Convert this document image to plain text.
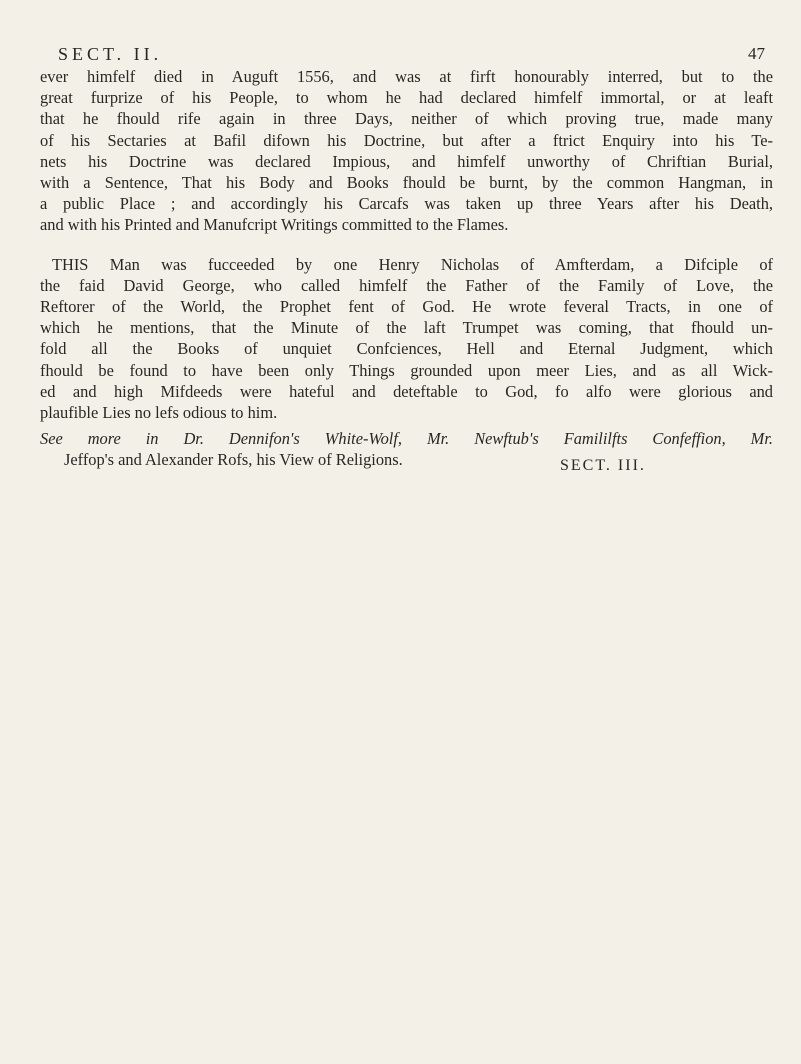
SECT. II.	47
ever himfelf died in Auguft 1556, and was at firft honourably interred, but to the
great furprize of his People, to whom he had declared himfelf immortal, or at leaft
that he fhould rife again in three Days, neither of which proving true, made many
of his Sectaries at Bafil difown his Doctrine, but after a ftrict Enquiry into his Te-
nets his Doctrine was declared Impious, and himfelf unworthy of Chriftian Burial,
with a Sentence, That his Body and Books fhould be burnt, by the common Hangman, in
a public Place ; and accordingly his Carcafs was taken up three Years after his Death,
and with his Printed and Manufcript Writings committed to the Flames.
THIS Man was fucceeded by one Henry Nicholas of Amfterdam, a Difciple of
the faid David George, who called himfelf the Father of the Family of Love, the
Reftorer of the World, the Prophet fent of God. He wrote feveral Tracts, in one of
which he mentions, that the Minute of the laft Trumpet was coming, that fhould un-
fold all the Books of unquiet Confciences, Hell and Eternal Judgment, which
fhould be found to have been only Things grounded upon meer Lies, and as all Wick-
ed and high Mifdeeds were hateful and deteftable to God, fo alfo were glorious and
plaufible Lies no lefs odious to him.
See more in Dr. Dennifon's White-Wolf, Mr. Newftub's Famililfts Confeffion, Mr.
Jeffop's and Alexander Rofs, his View of Religions.	SECT. III.
